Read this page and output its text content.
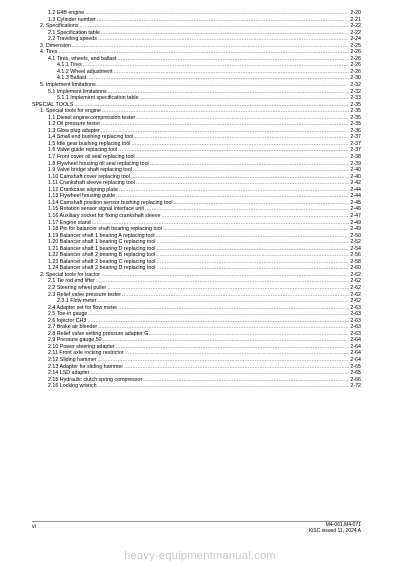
1.2 E4B engine .....	2-20
1.3 Cylinder number .....	2-21
2. Specifications .....	2-22
2.1 Specification table .....	2-22
2.2 Traveling speeds .....	2-24
3. Dimension .....	2-25
4. Tires .....	2-26
4.1 Tires, wheels, and ballast .....	2-26
4.1.1 Tires .....	2-26
4.1.2 Wheel adjustment .....	2-26
4.1.3 Ballast .....	2-30
5. Implement limitations .....	2-32
5.1 Implement limitations .....	2-32
5.1.1 Implement specification table .....	2-33
SPECIAL TOOLS .....	2-35
1. Special tools for engine .....	2-35
1.1 Diesel engine compression tester .....	2-35
1.2 Oil pressure tester .....	2-35
1.3 Glow plug adapter .....	2-36
1.4 Small end bushing replacing tool .....	2-37
1.5 Idle gear bushing replacing tool .....	2-37
1.6 Valve guide replacing tool .....	2-37
1.7 Front cover oil seal replacing tool .....	2-38
1.8 Flywheel housing oil seal replacing tool .....	2-39
1.9 Valve bridge shaft replacing tool .....	2-40
1.10 Camshaft cover replacing tool .....	2-40
1.11 Crankshaft sleeve replacing tool .....	2-42
1.12 Crankcase aligning plate .....	2-44
1.13 Flywheel housing guide .....	2-44
1.14 Camshaft position sensor bushing replacing tool .....	2-45
1.15 Rotation sensor signal interface unit .....	2-46
1.16 Auxiliary socket for fixing crankshaft sleeve .....	2-47
1.17 Engine stand .....	2-49
1.18 Pin for balancer shaft bearing replacing tool .....	2-49
1.19 Balancer shaft 1 bearing A replacing tool .....	2-50
1.20 Balancer shaft 1 bearing C replacing tool .....	2-52
1.21 Balancer shaft 1 bearing D replacing tool .....	2-54
1.22 Balancer shaft 2 bearing B replacing tool .....	2-56
1.23 Balancer shaft 2 bearing C replacing tool .....	2-58
1.24 Balancer shaft 2 bearing D replacing tool .....	2-60
2. Special tools for tractor .....	2-62
2.1 Tie rod end lifter .....	2-62
2.2 Steering wheel puller .....	2-62
2.3 Relief valve pressure tester .....	2-62
2.3.1 Flow meter .....	2-62
2.4 Adapter set for flow meter .....	2-63
2.5 Toe-in gauge .....	2-63
2.6 Injector CH3 .....	2-63
2.7 Brake air bleeder .....	2-63
2.8 Relief valve setting pressure adapter G .....	2-63
2.9 Pressure gauge 50 .....	2-64
2.10 Power steering adapter .....	2-64
2.11 Front axle rocking restrictor .....	2-64
2.12 Sliding hammer .....	2-64
2.13 Adapter for sliding hammer .....	2-65
2.14 LSD adapter .....	2-65
2.15 Hydraulic clutch spring compressor .....	2-66
2.16 Locking wrench .....	2-72
vi	M4-061,M4-071
KiSC issued 11, 2024 A
heavy-equipmentmanual.com
